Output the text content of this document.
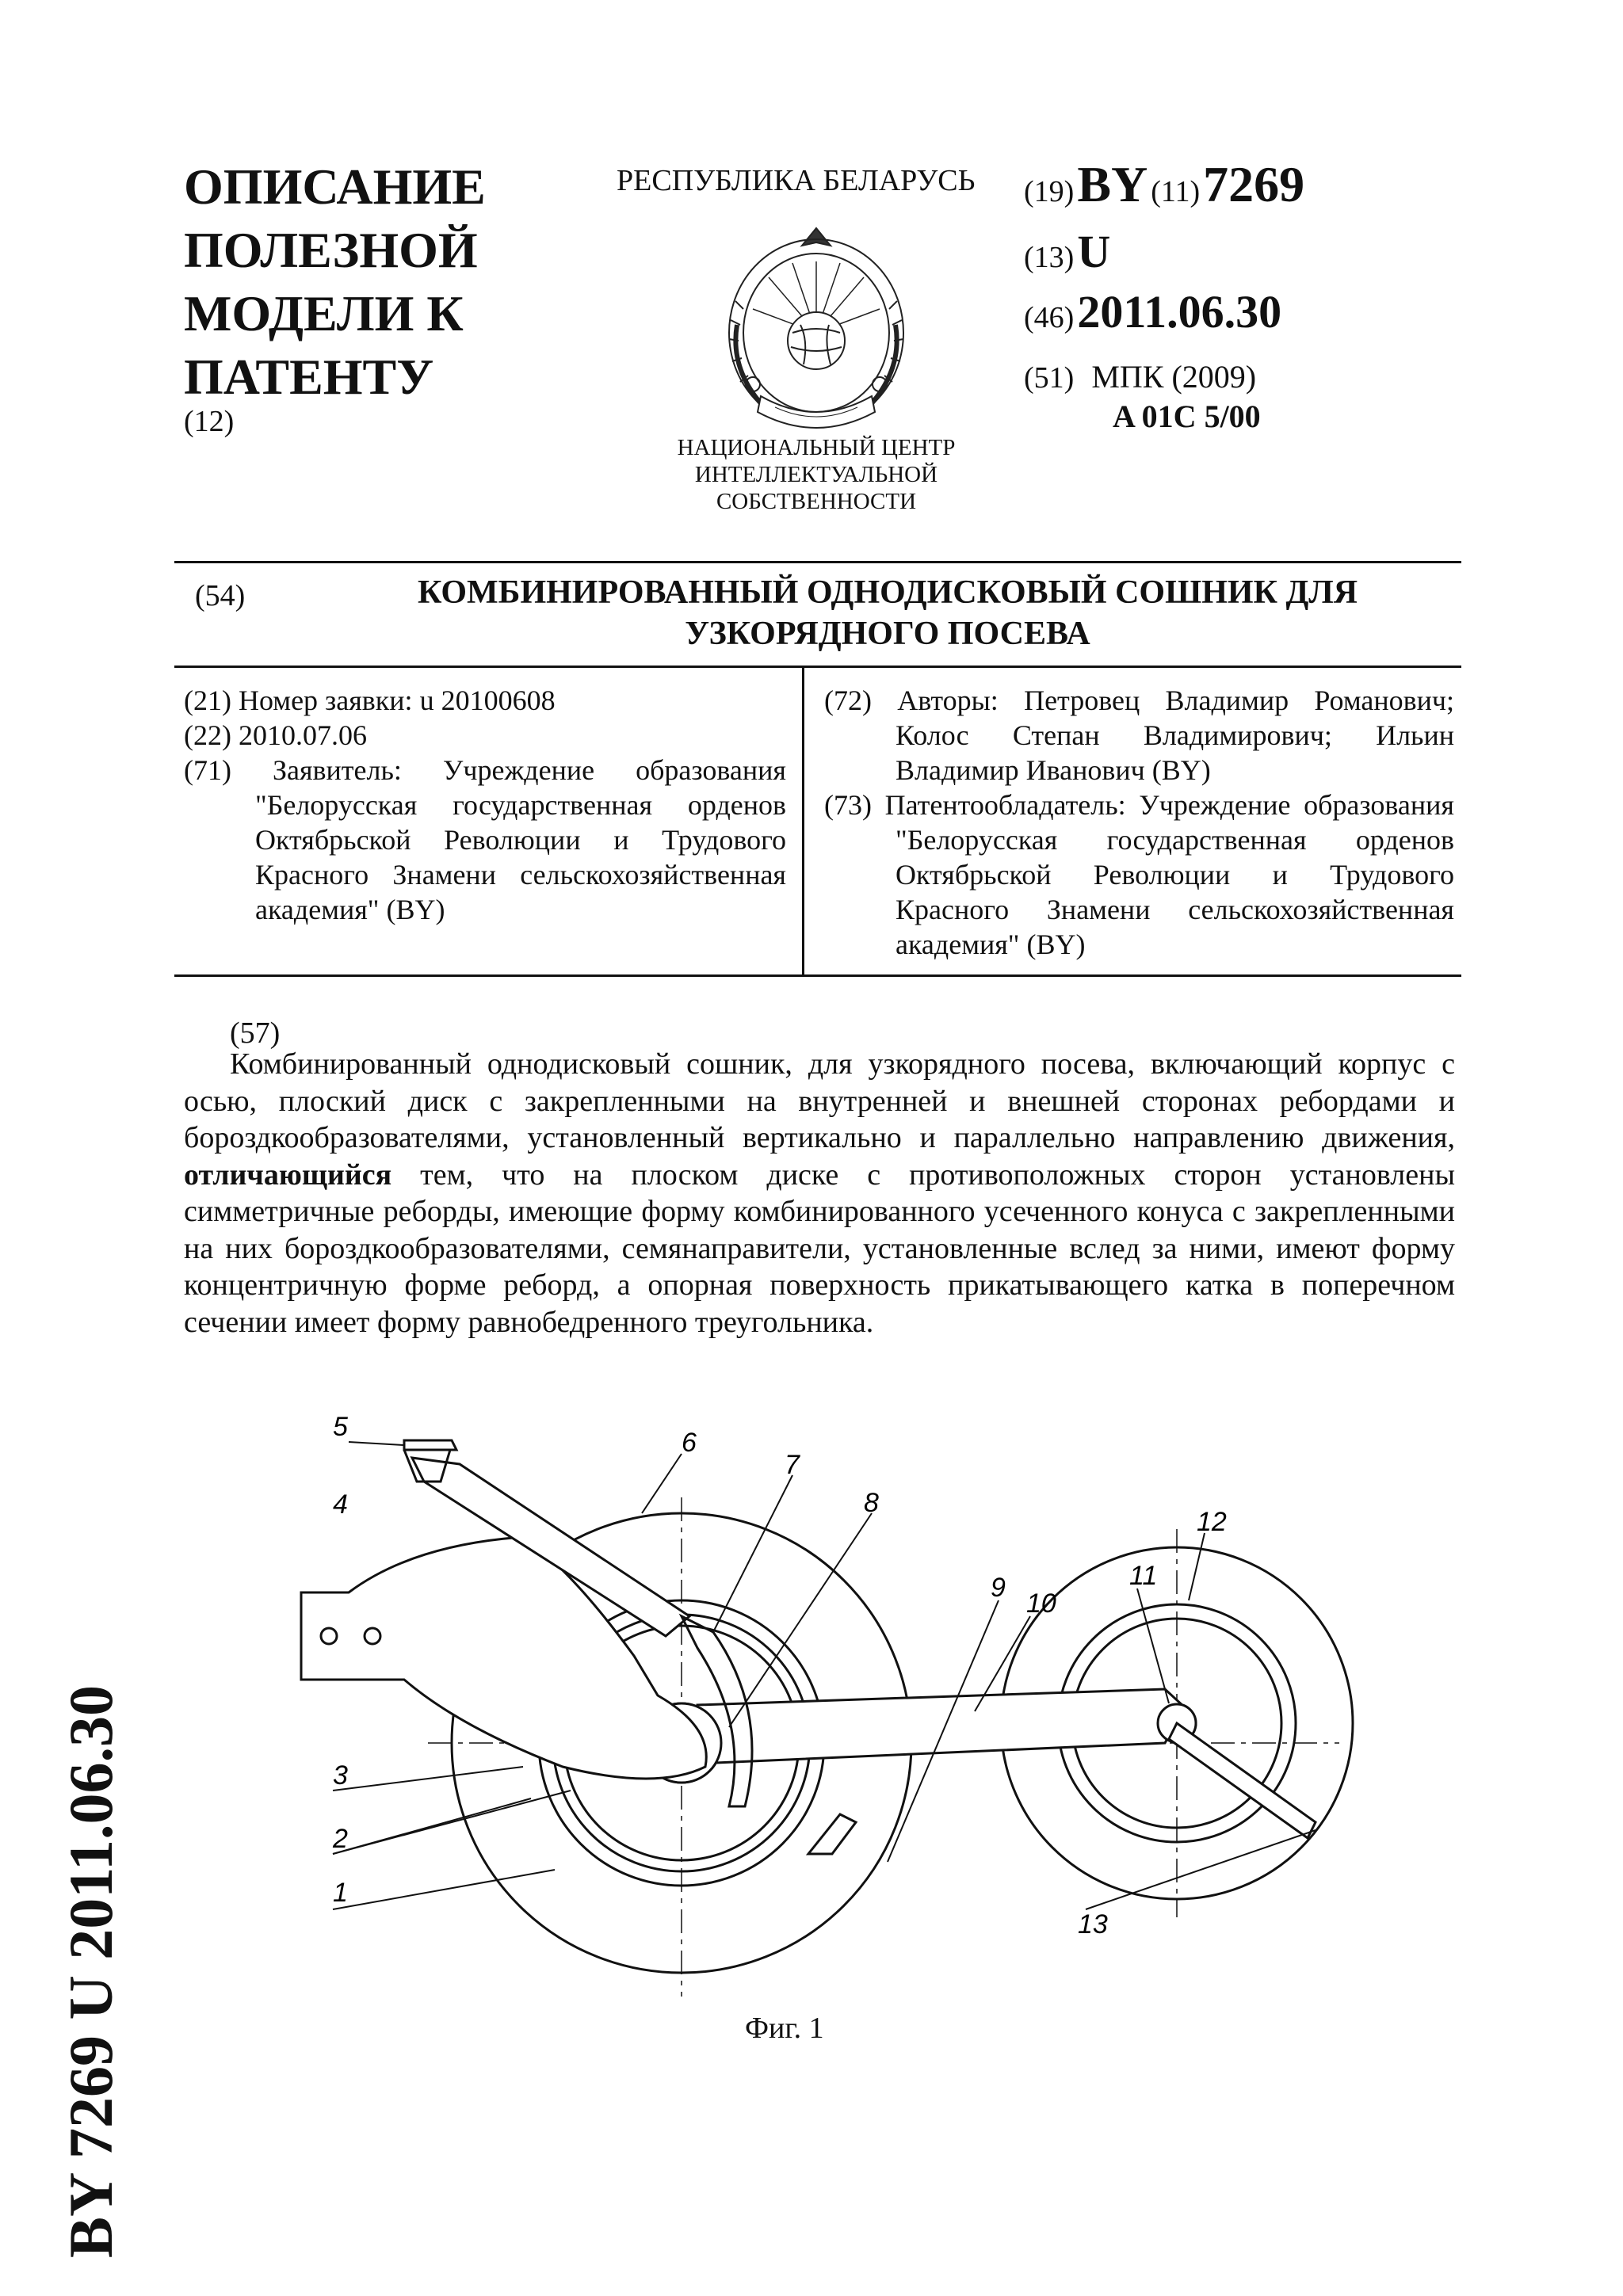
ОПИСАНИЕ
ПОЛЕЗНОЙ
МОДЕЛИ К
ПАТЕНТУ
(12)
РЕСПУБЛИКА БЕЛАРУСЬ
НАЦИОНАЛЬНЫЙ ЦЕНТР
ИНТЕЛЛЕКТУАЛЬНОЙ
СОБСТВЕННОСТИ
(19) BY (11) 7269
(13) U
(46) 2011.06.30
(51) МПК (2009)
A 01C 5/00
(54)	КОМБИНИРОВАННЫЙ ОДНОДИСКОВЫЙ СОШНИК ДЛЯ
УЗКОРЯДНОГО ПОСЕВА
(21) Номер заявки: u 20100608
(22) 2010.07.06
(71) Заявитель: Учреждение образования "Белорусская государственная орденов Октябрьской Революции и Трудового Красного Знамени сельскохозяйственная академия" (BY)
(72) Авторы: Петровец Владимир Романович; Колос Степан Владимирович; Ильин Владимир Иванович (BY)
(73) Патентообладатель: Учреждение образования "Белорусская государственная орденов Октябрьской Революции и Трудового Красного Знамени сельскохозяйственная академия" (BY)
(57)
Комбинированный однодисковый сошник, для узкорядного посева, включающий корпус с осью, плоский диск с закрепленными на внутренней и внешней сторонах ребордами и бороздкообразователями, установленный вертикально и параллельно направлению движения, отличающийся тем, что на плоском диске с противоположных сторон установлены симметричные реборды, имеющие форму комбинированного усеченного конуса с закрепленными на них бороздкообразователями, семянаправители, установленные вслед за ними, имеют форму концентричную форме реборд, а опорная поверхность прикатывающего катка в поперечном сечении имеет форму равнобедренного треугольника.
5
6
4
7
8
9
10
11
12
3
2
1
13
Фиг. 1
BY 7269 U 2011.06.30
